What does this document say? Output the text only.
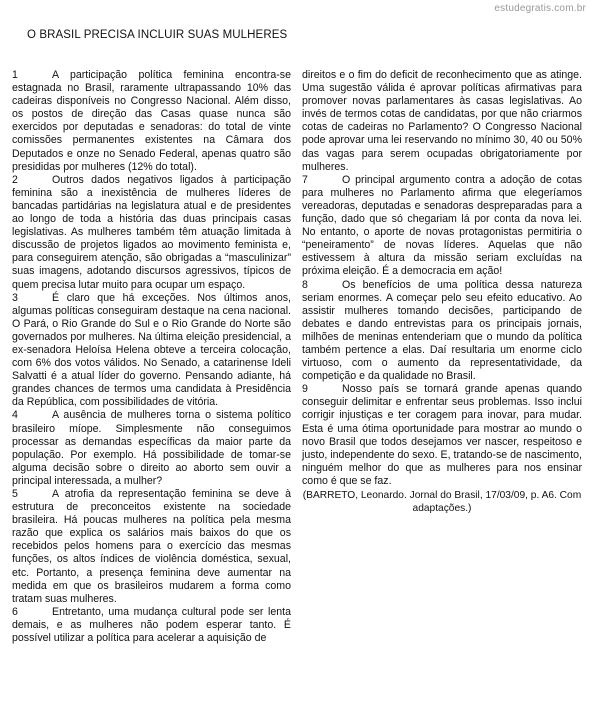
estudegratis.com.br
O BRASIL PRECISA INCLUIR SUAS MULHERES

1	A participação política feminina encontra-se estagnada no Brasil, raramente ultrapassando 10% das cadeiras disponíveis no Congresso Nacional. Além disso, os postos de direção das Casas quase nunca são exercidos por deputadas e senadoras: do total de vinte comissões permanentes existentes na Câmara dos Deputados e onze no Senado Federal, apenas quatro são presididas por mulheres (12% do total).

2	Outros dados negativos ligados à participação feminina são a inexistência de mulheres líderes de bancadas partidárias na legislatura atual e de presidentes ao longo de toda a história das duas principais casas legislativas. As mulheres também têm atuação limitada à discussão de projetos ligados ao movimento feminista e, para conseguirem atenção, são obrigadas a “masculinizar” suas imagens, adotando discursos agressivos, típicos de quem precisa lutar muito para ocupar um espaço.

3	É claro que há exceções. Nos últimos anos, algumas políticas conseguiram destaque na cena nacional. O Pará, o Rio Grande do Sul e o Rio Grande do Norte são governados por mulheres. Na última eleição presidencial, a ex-senadora Heloísa Helena obteve a terceira colocação, com 6% dos votos válidos. No Senado, a catarinense Ideli Salvatti é a atual líder do governo. Pensando adiante, há grandes chances de termos uma candidata à Presidência da República, com possibilidades de vitória.

4	A ausência de mulheres torna o sistema político brasileiro míope. Simplesmente não conseguimos processar as demandas específicas da maior parte da população. Por exemplo. Há possibilidade de tomar-se alguma decisão sobre o direito ao aborto sem ouvir a principal interessada, a mulher?

5	A atrofia da representação feminina se deve à estrutura de preconceitos existente na sociedade brasileira. Há poucas mulheres na política pela mesma razão que explica os salários mais baixos do que os recebidos pelos homens para o exercício das mesmas funções, os altos índices de violência doméstica, sexual, etc. Portanto, a presença feminina deve aumentar na medida em que os brasileiros mudarem a forma como tratam suas mulheres.

6	Entretanto, uma mudança cultural pode ser lenta demais, e as mulheres não podem esperar tanto. É possível utilizar a política para acelerar a aquisição de

direitos e o fim do deficit de reconhecimento que as atinge. Uma sugestão válida é aprovar políticas afirmativas para promover novas parlamentares às casas legislativas. Ao invés de termos cotas de candidatas, por que não criarmos cotas de cadeiras no Parlamento? O Congresso Nacional pode aprovar uma lei reservando no mínimo 30, 40 ou 50% das vagas para serem ocupadas obrigatoriamente por mulheres.

7	O principal argumento contra a adoção de cotas para mulheres no Parlamento afirma que elegeríamos vereadoras, deputadas e senadoras despreparadas para a função, dado que só chegariam lá por conta da nova lei. No entanto, o aporte de novas protagonistas permitiria o “peneiramento” de novas líderes. Aquelas que não estivessem à altura da missão seriam excluídas na próxima eleição. É a democracia em ação!

8	Os benefícios de uma política dessa natureza seriam enormes. A começar pelo seu efeito educativo. Ao assistir mulheres tomando decisões, participando de debates e dando entrevistas para os principais jornais, milhões de meninas entenderiam que o mundo da política também pertence a elas. Daí resultaria um enorme ciclo virtuoso, com o aumento da representatividade, da competição e da qualidade no Brasil.

9	Nosso país se tornará grande apenas quando conseguir delimitar e enfrentar seus problemas. Isso inclui corrigir injustiças e ter coragem para inovar, para mudar. Esta é uma ótima oportunidade para mostrar ao mundo o novo Brasil que todos desejamos ver nascer, respeitoso e justo, independente do sexo. E, tratando-se de nascimento, ninguém melhor do que as mulheres para nos ensinar como é que se faz.

(BARRETO, Leonardo. Jornal do Brasil, 17/03/09, p. A6. Com adaptações.)
